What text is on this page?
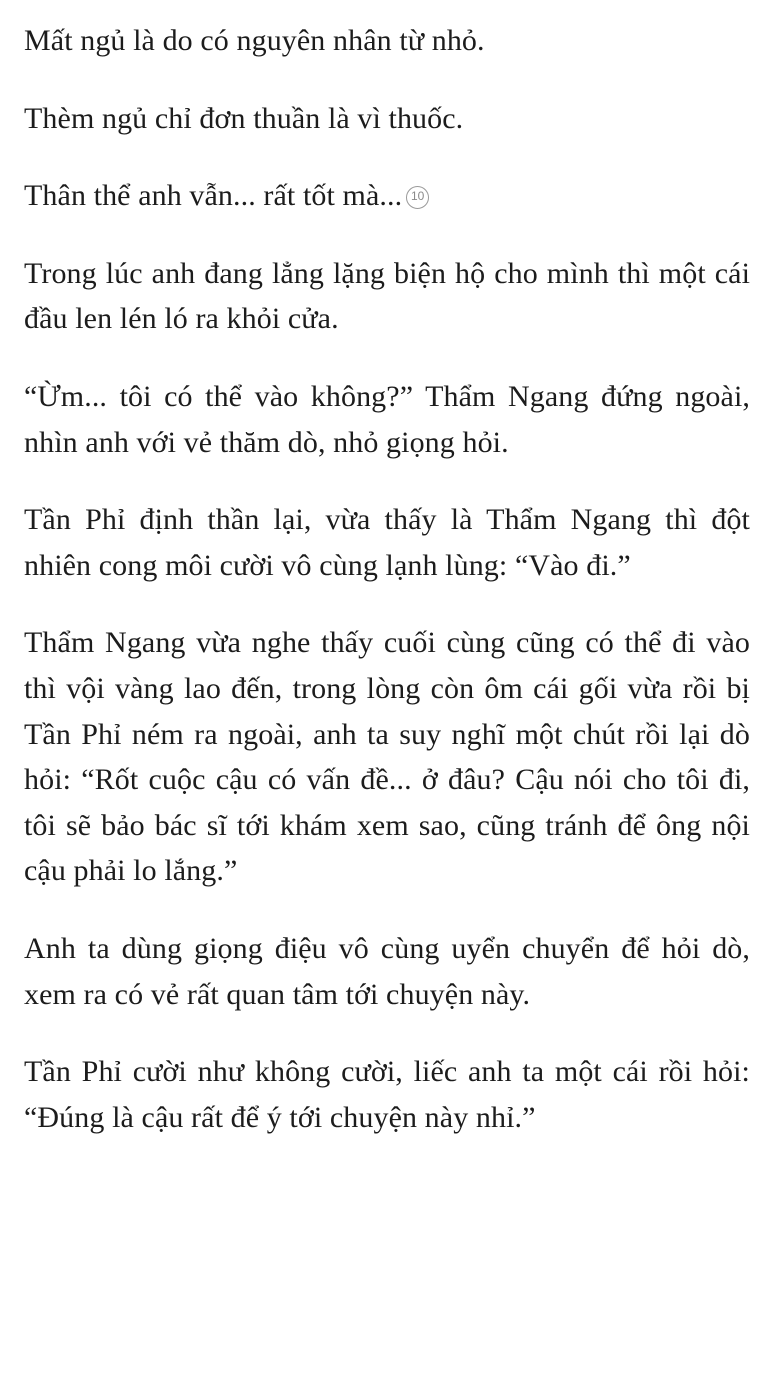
Mất ngủ là do có nguyên nhân từ nhỏ.

Thèm ngủ chỉ đơn thuần là vì thuốc.

Thân thể anh vẫn... rất tốt mà... 10

Trong lúc anh đang lẳng lặng biện hộ cho mình thì một cái đầu len lén ló ra khỏi cửa.

“Ừm... tôi có thể vào không?” Thẩm Ngang đứng ngoài, nhìn anh với vẻ thăm dò, nhỏ giọng hỏi.

Tần Phỉ định thần lại, vừa thấy là Thẩm Ngang thì đột nhiên cong môi cười vô cùng lạnh lùng: “Vào đi.”

Thẩm Ngang vừa nghe thấy cuối cùng cũng có thể đi vào thì vội vàng lao đến, trong lòng còn ôm cái gối vừa rồi bị Tần Phỉ ném ra ngoài, anh ta suy nghĩ một chút rồi lại dò hỏi: “Rốt cuộc cậu có vấn đề... ở đâu? Cậu nói cho tôi đi, tôi sẽ bảo bác sĩ tới khám xem sao, cũng tránh để ông nội cậu phải lo lắng.”

Anh ta dùng giọng điệu vô cùng uyển chuyển để hỏi dò, xem ra có vẻ rất quan tâm tới chuyện này.

Tần Phỉ cười như không cười, liếc anh ta một cái rồi hỏi: “Đúng là cậu rất để ý tới chuyện này nhỉ.”
